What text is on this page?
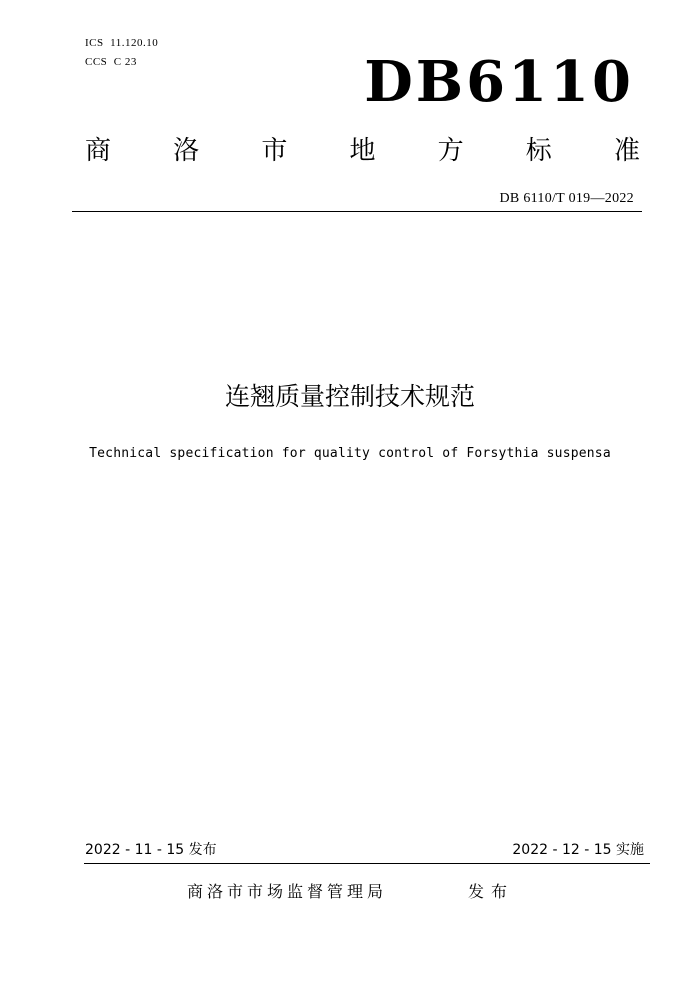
ICS  11.120.10
CCS  C 23	DB6110
商 洛 市 地 方 标 准
DB 6110/T 019—2022
连翘质量控制技术规范
Technical specification for quality control of Forsythia suspensa
2022 - 11 - 15 发布	2022 - 12 - 15 实施
商洛市市场监督管理局	发布
